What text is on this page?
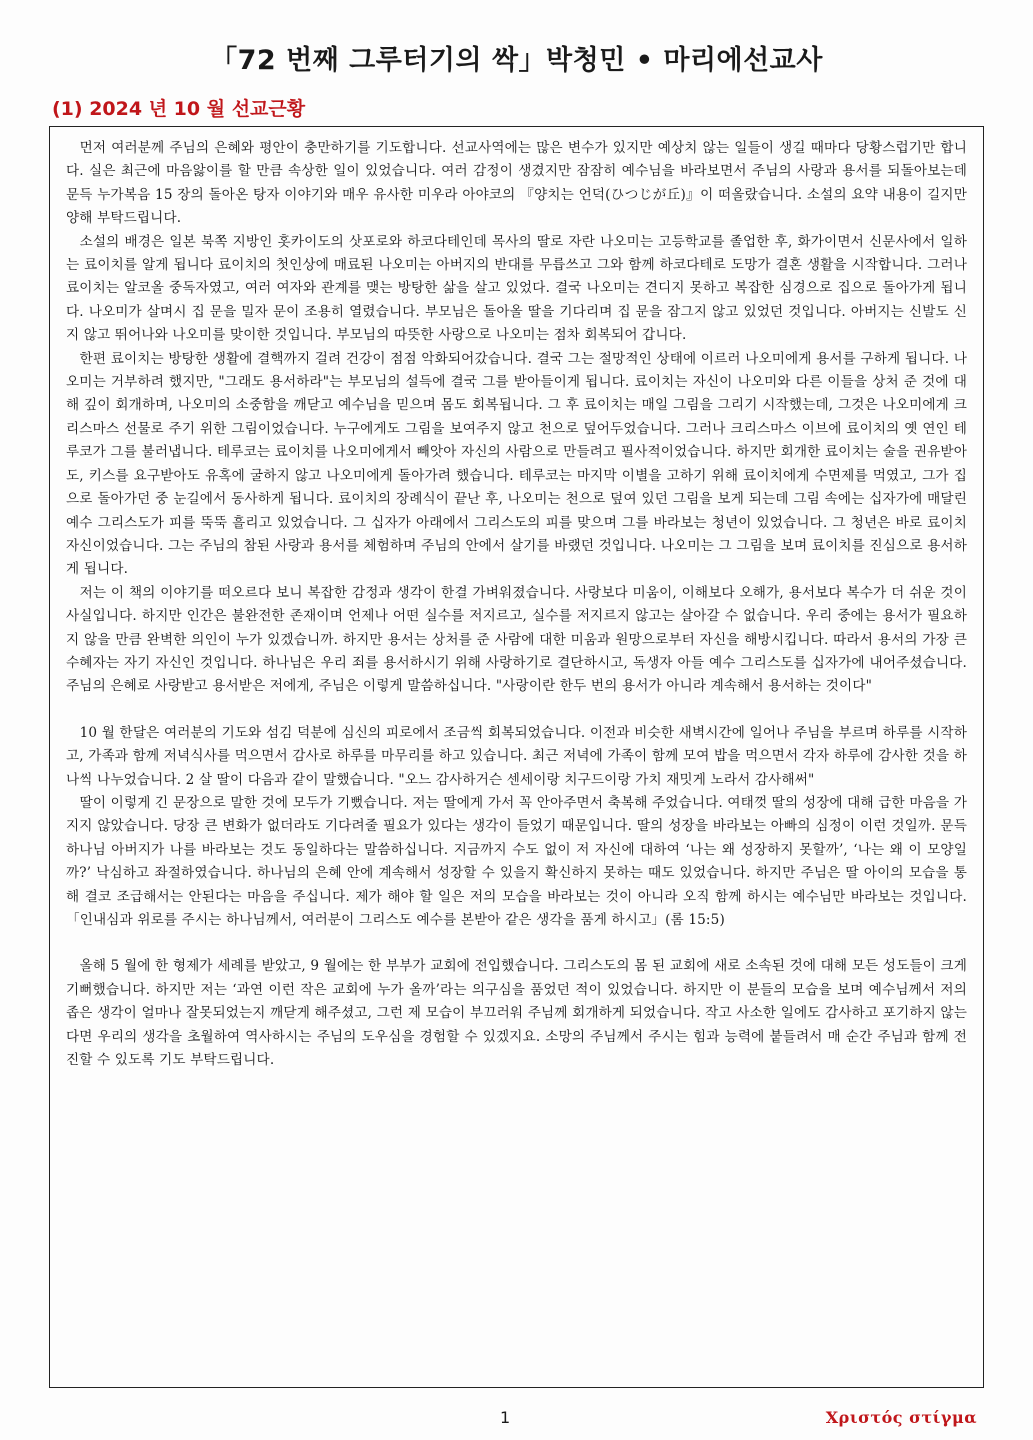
「72 번째 그루터기의 싹」박청민 • 마리에선교사
(1) 2024 년 10 월 선교근황

먼저 여러분께 주님의 은혜와 평안이 충만하기를 기도합니다. 선교사역에는 많은 변수가 있지만 예상치 않는 일들이 생길 때마다 당황스럽기만 합니다. 실은 최근에 마음앓이를 할 만큼 속상한 일이 있었습니다. 여러 감정이 생겼지만 잠잠히 예수님을 바라보면서 주님의 사랑과 용서를 되돌아보는데 문득 누가복음 15 장의 돌아온 탕자 이야기와 매우 유사한 미우라 아야코의 『양치는 언덕(ひつじが丘)』이 떠올랐습니다. 소설의 요약 내용이 길지만 양해 부탁드립니다.

소설의 배경은 일본 북쪽 지방인 홋카이도의 삿포로와 하코다테인데 목사의 딸로 자란 나오미는 고등학교를 졸업한 후, 화가이면서 신문사에서 일하는 료이치를 알게 됩니다 료이치의 첫인상에 매료된 나오미는 아버지의 반대를 무릅쓰고 그와 함께 하코다테로 도망가 결혼 생활을 시작합니다. 그러나 료이치는 알코올 중독자였고, 여러 여자와 관계를 맺는 방탕한 삶을 살고 있었다. 결국 나오미는 견디지 못하고 복잡한 심경으로 집으로 돌아가게 됩니다. 나오미가 살며시 집 문을 밀자 문이 조용히 열렸습니다. 부모님은 돌아올 딸을 기다리며 집 문을 잠그지 않고 있었던 것입니다. 아버지는 신발도 신지 않고 뛰어나와 나오미를 맞이한 것입니다. 부모님의 따뜻한 사랑으로 나오미는 점차 회복되어 갑니다.

한편 료이치는 방탕한 생활에 결핵까지 걸려 건강이 점점 악화되어갔습니다. 결국 그는 절망적인 상태에 이르러 나오미에게 용서를 구하게 됩니다. 나오미는 거부하려 했지만, "그래도 용서하라"는 부모님의 설득에 결국 그를 받아들이게 됩니다. 료이치는 자신이 나오미와 다른 이들을 상처 준 것에 대해 깊이 회개하며, 나오미의 소중함을 깨닫고 예수님을 믿으며 몸도 회복됩니다. 그 후 료이치는 매일 그림을 그리기 시작했는데, 그것은 나오미에게 크리스마스 선물로 주기 위한 그림이었습니다. 누구에게도 그림을 보여주지 않고 천으로 덮어두었습니다. 그러나 크리스마스 이브에 료이치의 옛 연인 테루코가 그를 불러냅니다. 테루코는 료이치를 나오미에게서 빼앗아 자신의 사람으로 만들려고 필사적이었습니다. 하지만 회개한 료이치는 술을 권유받아도, 키스를 요구받아도 유혹에 굴하지 않고 나오미에게 돌아가려 했습니다. 테루코는 마지막 이별을 고하기 위해 료이치에게 수면제를 먹였고, 그가 집으로 돌아가던 중 눈길에서 동사하게 됩니다. 료이치의 장례식이 끝난 후, 나오미는 천으로 덮여 있던 그림을 보게 되는데 그림 속에는 십자가에 매달린 예수 그리스도가 피를 뚝뚝 흘리고 있었습니다. 그 십자가 아래에서 그리스도의 피를 맞으며 그를 바라보는 청년이 있었습니다. 그 청년은 바로 료이치 자신이었습니다. 그는 주님의 참된 사랑과 용서를 체험하며 주님의 안에서 살기를 바랬던 것입니다. 나오미는 그 그림을 보며 료이치를 진심으로 용서하게 됩니다.

저는 이 책의 이야기를 떠오르다 보니 복잡한 감정과 생각이 한결 가벼워졌습니다. 사랑보다 미움이, 이해보다 오해가, 용서보다 복수가 더 쉬운 것이 사실입니다. 하지만 인간은 불완전한 존재이며 언제나 어떤 실수를 저지르고, 실수를 저지르지 않고는 살아갈 수 없습니다. 우리 중에는 용서가 필요하지 않을 만큼 완벽한 의인이 누가 있겠습니까. 하지만 용서는 상처를 준 사람에 대한 미움과 원망으로부터 자신을 해방시킵니다. 따라서 용서의 가장 큰 수혜자는 자기 자신인 것입니다. 하나님은 우리 죄를 용서하시기 위해 사랑하기로 결단하시고, 독생자 아들 예수 그리스도를 십자가에 내어주셨습니다. 주님의 은혜로 사랑받고 용서받은 저에게, 주님은 이렇게 말씀하십니다. "사랑이란 한두 번의 용서가 아니라 계속해서 용서하는 것이다"

10 월 한달은 여러분의 기도와 섬김 덕분에 심신의 피로에서 조금씩 회복되었습니다. 이전과 비슷한 새벽시간에 일어나 주님을 부르며 하루를 시작하고, 가족과 함께 저녁식사를 먹으면서 감사로 하루를 마무리를 하고 있습니다. 최근 저녁에 가족이 함께 모여 밥을 먹으면서 각자 하루에 감사한 것을 하나씩 나누었습니다. 2 살 딸이 다음과 같이 말했습니다. "오느 감사하거슨 센세이랑 치구드이랑 가치 재밋게 노라서 감사해써"

딸이 이렇게 긴 문장으로 말한 것에 모두가 기뻤습니다. 저는 딸에게 가서 꼭 안아주면서 축복해 주었습니다. 여태껏 딸의 성장에 대해 급한 마음을 가지지 않았습니다. 당장 큰 변화가 없더라도 기다려줄 필요가 있다는 생각이 들었기 때문입니다. 딸의 성장을 바라보는 아빠의 심정이 이런 것일까. 문득 하나님 아버지가 나를 바라보는 것도 동일하다는 말씀하십니다. 지금까지 수도 없이 저 자신에 대하여 ‘나는 왜 성장하지 못할까’, ‘나는 왜 이 모양일까?’ 낙심하고 좌절하였습니다. 하나님의 은혜 안에 계속해서 성장할 수 있을지 확신하지 못하는 때도 있었습니다. 하지만 주님은 딸 아이의 모습을 통해 결코 조급해서는 안된다는 마음을 주십니다. 제가 해야 할 일은 저의 모습을 바라보는 것이 아니라 오직 함께 하시는 예수님만 바라보는 것입니다. 「인내심과 위로를 주시는 하나님께서, 여러분이 그리스도 예수를 본받아 같은 생각을 품게 하시고」(롬 15:5)

올해 5 월에 한 형제가 세례를 받았고, 9 월에는 한 부부가 교회에 전입했습니다. 그리스도의 몸 된 교회에 새로 소속된 것에 대해 모든 성도들이 크게 기뻐했습니다. 하지만 저는 ‘과연 이런 작은 교회에 누가 올까’라는 의구심을 품었던 적이 있었습니다. 하지만 이 분들의 모습을 보며 예수님께서 저의 좁은 생각이 얼마나 잘못되었는지 깨닫게 해주셨고, 그런 제 모습이 부끄러워 주님께 회개하게 되었습니다. 작고 사소한 일에도 감사하고 포기하지 않는다면 우리의 생각을 초월하여 역사하시는 주님의 도우심을 경험할 수 있겠지요. 소망의 주님께서 주시는 힘과 능력에 붙들려서 매 순간 주님과 함께 전진할 수 있도록 기도 부탁드립니다.

1	Χριστός στίγμα
